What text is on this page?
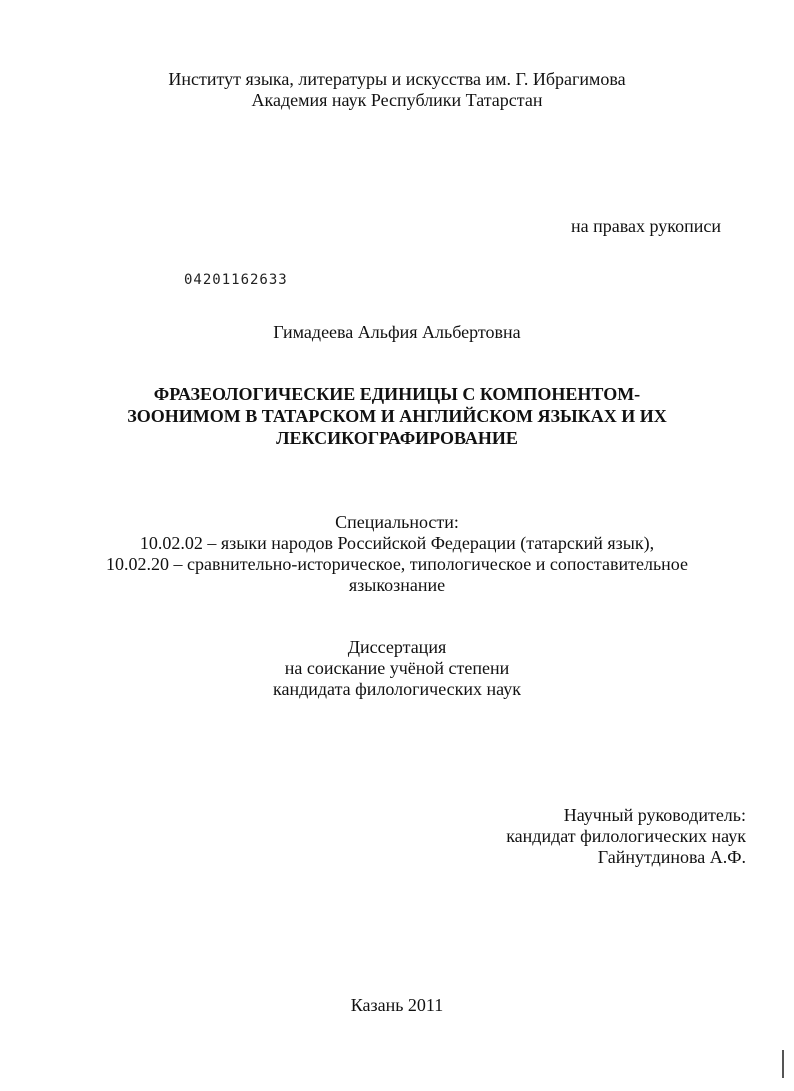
Институт языка, литературы и искусства им. Г. Ибрагимова
Академия наук Республики Татарстан
на правах рукописи
04201162633
Гимадеева Альфия Альбертовна
ФРАЗЕОЛОГИЧЕСКИЕ ЕДИНИЦЫ С КОМПОНЕНТОМ-
ЗООНИМОМ В ТАТАРСКОМ И АНГЛИЙСКОМ ЯЗЫКАХ И ИХ
ЛЕКСИКОГРАФИРОВАНИЕ
Специальности:
10.02.02 – языки народов Российской Федерации (татарский язык),
10.02.20 – сравнительно-историческое, типологическое и сопоставительное
языкознание
Диссертация
на соискание учёной степени
кандидата филологических наук
Научный руководитель:
кандидат филологических наук
Гайнутдинова А.Ф.
Казань 2011
